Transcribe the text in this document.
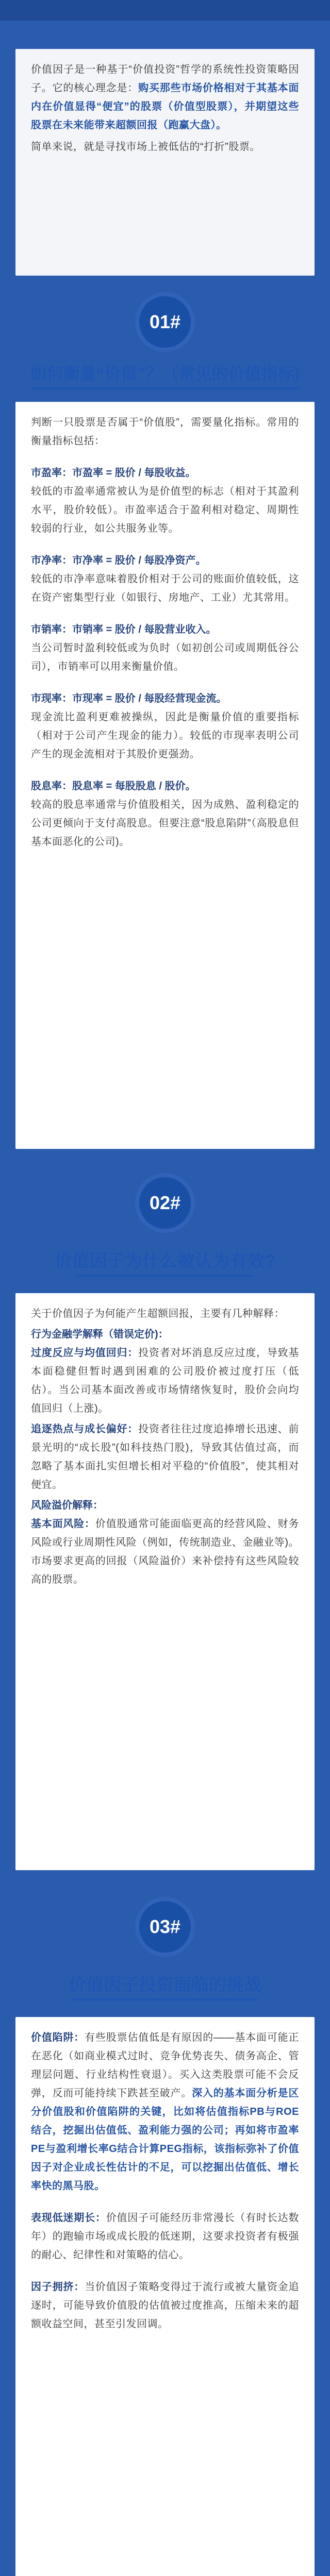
价值因子是一种基于“价值投资”哲学的系统性投资策略因子。它的核心理念是：购买那些市场价格相对于其基本面内在价值显得“便宜”的股票（价值型股票），并期望这些股票在未来能带来超额回报（跑赢大盘）。

简单来说，就是寻找市场上被低估的“打折”股票。

01#
如何衡量“价值”？（常见的价值指标)

判断一只股票是否属于“价值股”，需要量化指标。常用的衡量指标包括：

市盈率：市盈率 = 股价 / 每股收益。

较低的市盈率通常被认为是价值型的标志（相对于其盈利水平，股价较低）。市盈率适合于盈利相对稳定、周期性较弱的行业，如公共服务业等。

市净率：市净率 = 股价 / 每股净资产。

较低的市净率意味着股价相对于公司的账面价值较低，这在资产密集型行业（如银行、房地产、工业）尤其常用。

市销率：市销率 = 股价 / 每股营业收入。

当公司暂时盈利较低或为负时（如初创公司或周期低谷公司），市销率可以用来衡量价值。

市现率：市现率 = 股价 / 每股经营现金流。

现金流比盈利更难被操纵，因此是衡量价值的重要指标（相对于公司产生现金的能力）。较低的市现率表明公司产生的现金流相对于其股价更强劲。

股息率：股息率 = 每股股息 / 股价。

较高的股息率通常与价值股相关，因为成熟、盈利稳定的公司更倾向于支付高股息。但要注意“股息陷阱”（高股息但基本面恶化的公司)。

02#
价值因子为什么被认为有效?

关于价值因子为何能产生超额回报，主要有几种解释：

行为金融学解释（错误定价)：

过度反应与均值回归：投资者对坏消息反应过度，导致基本面稳健但暂时遇到困难的公司股价被过度打压（低估）。当公司基本面改善或市场情绪恢复时，股价会向均值回归（上涨)。

追逐热点与成长偏好：投资者往往过度追捧增长迅速、前景光明的“成长股”(如科技热门股)，导致其估值过高，而忽略了基本面扎实但增长相对平稳的“价值股”，使其相对便宜。

风险溢价解释：

基本面风险：价值股通常可能面临更高的经营风险、财务风险或行业周期性风险（例如，传统制造业、金融业等)。市场要求更高的回报（风险溢价）来补偿持有这些风险较高的股票。

03#
价值因子投资面临的挑战

价值陷阱：有些股票估值低是有原因的——基本面可能正在恶化（如商业模式过时、竞争优势丧失、债务高企、管理层问题、行业结构性衰退）。买入这类股票可能不会反弹，反而可能持续下跌甚至破产。深入的基本面分析是区分价值股和价值陷阱的关键，比如将估值指标PB与ROE结合，挖掘出估值低、盈利能力强的公司；再如将市盈率PE与盈利增长率G结合计算PEG指标，该指标弥补了价值因子对企业成长性估计的不足，可以挖掘出估值低、增长率快的黑马股。

表现低迷期长：价值因子可能经历非常漫长（有时长达数年）的跑输市场或成长股的低迷期，这要求投资者有极强的耐心、纪律性和对策略的信心。

因子拥挤：当价值因子策略变得过于流行或被大量资金追逐时，可能导致价值股的估值被过度推高，压缩未来的超额收益空间，甚至引发回调。
